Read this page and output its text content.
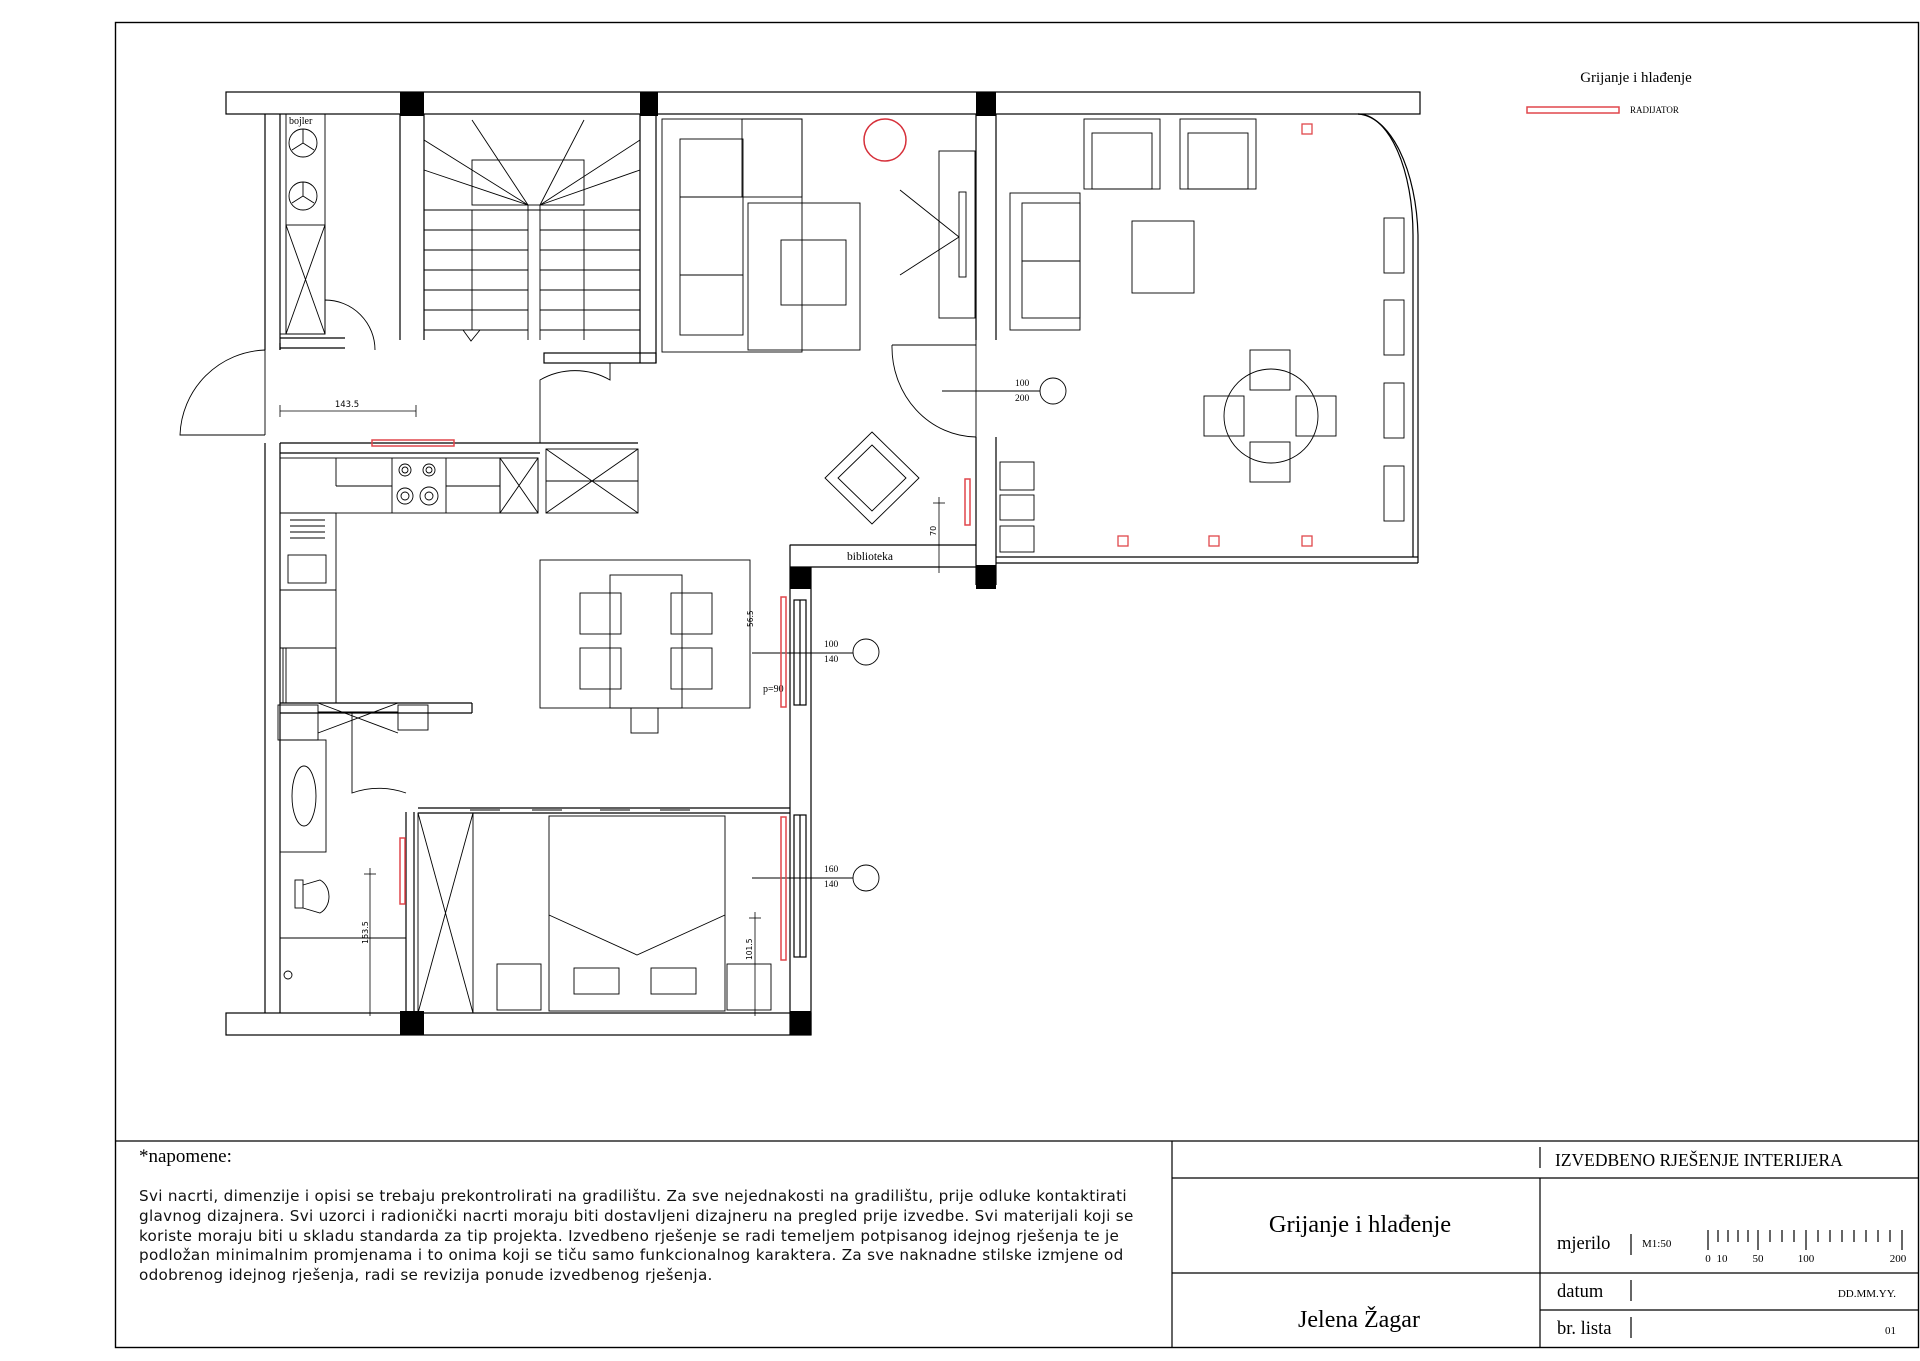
Grijanje i hlađenje
RADIJATOR
bojler
143.5
100
200
biblioteka
70
p=90
56.5
100
140
153.5
160
140
101.5
IZVEDBENO RJEŠENJE INTERIJERA
Grijanje i hlađenje
Jelena Žagar
mjerilo	M1:50
0 10 50	100	200
datum	DD.MM.YY.
br. lista	01
*napomene:
Svi nacrti, dimenzije i opisi se trebaju prekontrolirati na gradilištu. Za sve nejednakosti na gradilištu, prije odluke kontaktirati glavnog dizajnera. Svi uzorci i radionički nacrti moraju biti dostavljeni dizajneru na pregled prije izvedbe. Svi materijali koji se koriste moraju biti u skladu standarda za tip projekta. Izvedbeno rješenje se radi temeljem potpisanog idejnog rješenja te je podložan minimalnim promjenama i to onima koji se tiču samo funkcionalnog karaktera. Za sve naknadne stilske izmjene od odobrenog idejnog rješenja, radi se revizija ponude izvedbenog rješenja.
